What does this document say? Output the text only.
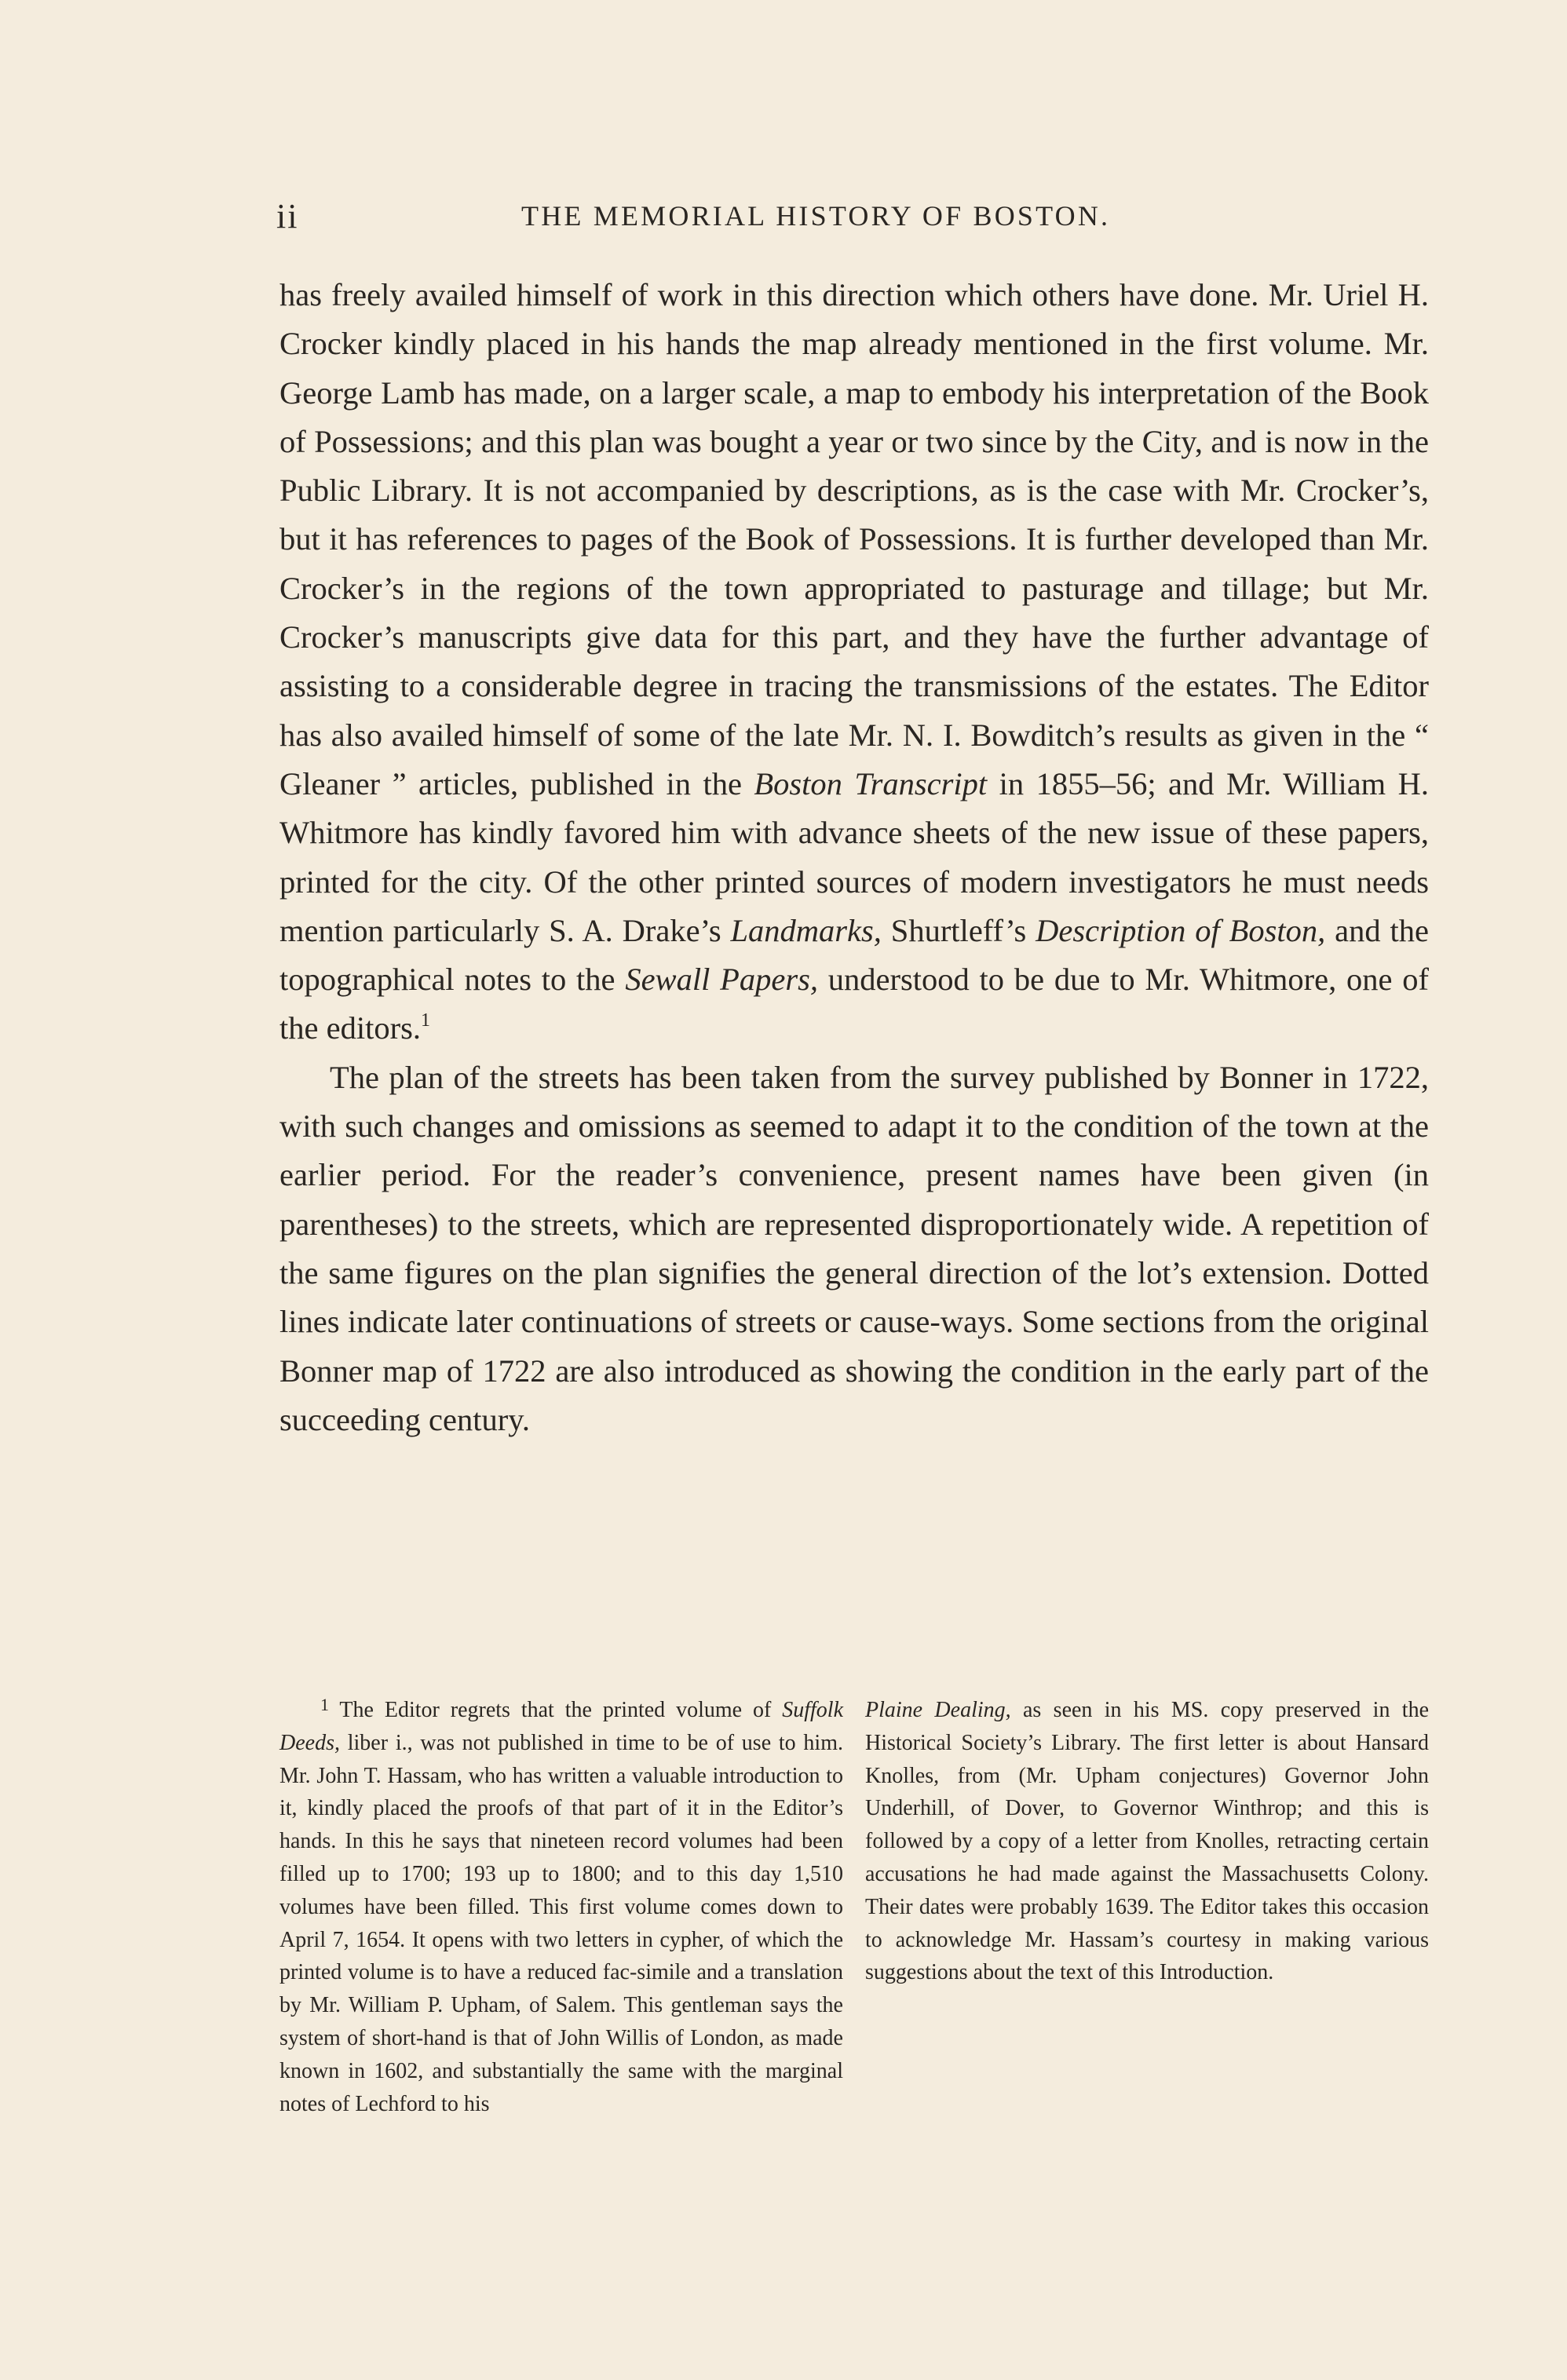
ii	THE MEMORIAL HISTORY OF BOSTON.

has freely availed himself of work in this direction which others have done. Mr. Uriel H. Crocker kindly placed in his hands the map already mentioned in the first volume. Mr. George Lamb has made, on a larger scale, a map to embody his interpretation of the Book of Possessions; and this plan was bought a year or two since by the City, and is now in the Public Library. It is not accompanied by descriptions, as is the case with Mr. Crocker’s, but it has references to pages of the Book of Possessions. It is further developed than Mr. Crocker’s in the regions of the town appropriated to pasturage and tillage; but Mr. Crocker’s manuscripts give data for this part, and they have the further advantage of assisting to a considerable degree in tracing the transmissions of the estates. The Editor has also availed himself of some of the late Mr. N. I. Bowditch’s results as given in the “ Gleaner ” articles, published in the Boston Transcript in 1855–56; and Mr. William H. Whitmore has kindly favored him with advance sheets of the new issue of these papers, printed for the city. Of the other printed sources of modern investigators he must needs mention particularly S. A. Drake’s Landmarks, Shurtleff’s Description of Boston, and the topographical notes to the Sewall Papers, understood to be due to Mr. Whitmore, one of the editors.$^1$

The plan of the streets has been taken from the survey published by Bonner in 1722, with such changes and omissions as seemed to adapt it to the condition of the town at the earlier period. For the reader’s convenience, present names have been given (in parentheses) to the streets, which are represented disproportionately wide. A repetition of the same figures on the plan signifies the general direction of the lot’s extension. Dotted lines indicate later continuations of streets or cause-ways. Some sections from the original Bonner map of 1722 are also introduced as showing the condition in the early part of the succeeding century.

$^1$ The Editor regrets that the printed volume of Suffolk Deeds, liber i., was not published in time to be of use to him. Mr. John T. Hassam, who has written a valuable introduction to it, kindly placed the proofs of that part of it in the Editor’s hands. In this he says that nineteen record volumes had been filled up to 1700; 193 up to 1800; and to this day 1,510 volumes have been filled. This first volume comes down to April 7, 1654. It opens with two letters in cypher, of which the printed volume is to have a reduced fac-simile and a translation by Mr. William P. Upham, of Salem. This gentleman says the system of short-hand is that of John Willis of London, as made known in 1602, and substantially the same with the marginal notes of Lechford to his

Plaine Dealing, as seen in his MS. copy preserved in the Historical Society’s Library. The first letter is about Hansard Knolles, from (Mr. Upham conjectures) Governor John Underhill, of Dover, to Governor Winthrop; and this is followed by a copy of a letter from Knolles, retracting certain accusations he had made against the Massachusetts Colony. Their dates were probably 1639. The Editor takes this occasion to acknowledge Mr. Hassam’s courtesy in making various suggestions about the text of this Introduction.
